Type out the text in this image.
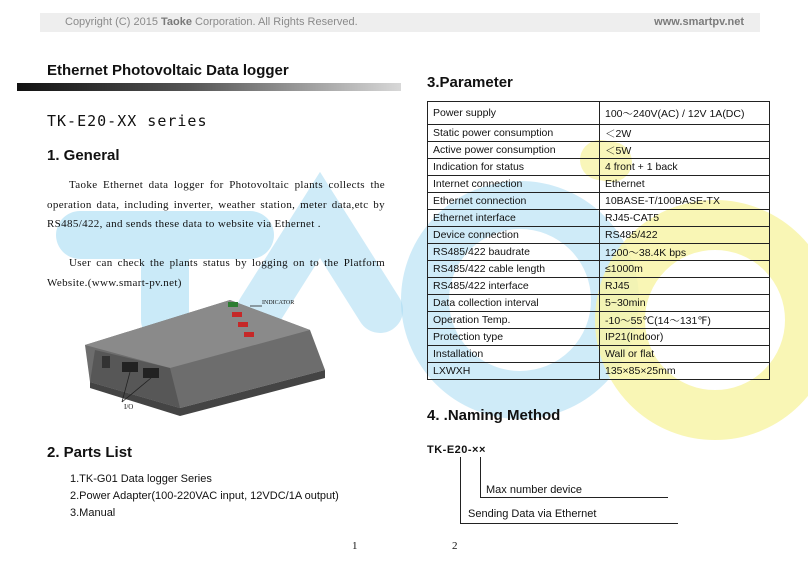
Copyright (C) 2015 Taoke Corporation. All Rights Reserved.	www.smartpv.net
Ethernet Photovoltaic Data logger
TK-E20-XX series
1. General
Taoke Ethernet data logger for Photovoltaic plants collects the operation data, including inverter, weather station, meter data,etc by RS485/422, and sends these data to website via Ethernet .
User can check the plants status by logging on to the Platform Website.(www.smart-pv.net)
INDICATOR
I/O
2. Parts List
1.TK-G01 Data logger Series
2.Power Adapter(100-220VAC input, 12VDC/1A output)
3.Manual
1
3.Parameter
Power supply	100～240V(AC) / 12V 1A(DC)
Static power consumption	＜2W
Active power consumption	＜5W
Indication for status	4 front + 1 back
Internet connection	Ethernet
Ethernet connection	10BASE-T/100BASE-TX
Ethernet interface	RJ45-CAT5
Device connection	RS485/422
RS485/422 baudrate	1200～38.4K bps
RS485/422 cable length	≤1000m
RS485/422 interface	RJ45
Data collection interval	5~30min
Operation Temp.	-10～55℃(14～131℉)
Protection type	IP21(Indoor)
Installation	Wall or flat
LXWXH	135×85×25mm
4. .Naming Method
TK-E20-××
Max number device
Sending Data via Ethernet
2
